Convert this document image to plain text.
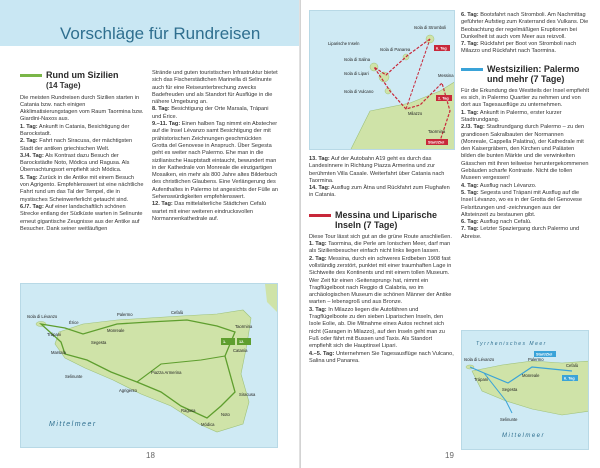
Vorschläge für Rundreisen
Rund um Sizilien
(14 Tage)

Die meisten Rundreisen durch Sizilien starten in Catania bzw. nach einigen Akklimatisierungstagen vom Raum Taormina bzw. Giardini-Naxos aus.

1. Tag: Ankunft in Catania, Besichtigung der Barockstadt.

2. Tag: Fahrt nach Siracusa, der mächtigsten Stadt der antiken griechischen Welt.

3./4. Tag: Als Kontrast dazu Besuch der Barockstädte Noto, Módica und Ragusa. Als Übernachtungsort empfiehlt sich Módica.

5. Tag: Zurück in die Antike mit einem Besuch von Agrigento. Empfehlenswert ist eine nächtliche Fahrt rund um das Tal der Tempel, die in mystisches Scheinwerferlicht getaucht sind.

6./7. Tag: Auf einer landschaftlich schönen Strecke entlang der Südküste warten in Selinunte erneut gigantische Zeugnisse aus der Antike auf Besucher. Dank seiner weitläufigen

Strände und guten touristischen Infrastruktur bietet sich das Fischerstädtchen Marinella di Selinunte auch für eine Reiseunterbrechung zwecks Badefreuden und als Standort für Ausflüge in die nähere Umgebung an.

8. Tag: Besichtigung der Orte Marsala, Trápani und Érice.

9.–11. Tag: Einen halben Tag nimmt ein Abstecher auf die Insel Lévanzo samt Besichtigung der mit prähistorischen Zeichnungen geschmückten Grotta del Genovese in Anspruch. Über Segesta geht es weiter nach Palermo. Ehe man in die sizilianische Hauptstadt eintaucht, bewundert man in der Kathedrale von Monreale die einzigartigen Mosaiken, ein mehr als 800 Jahre altes Bilderbuch des christlichen Glaubens. Eine Verlängerung des Aufenthaltes in Palermo ist angesichts der Fülle an Sehenswürdigkeiten empfehlenswert.

12. Tag: Das mittelalterliche Städtchen Cefalù wartet mit einer weiteren eindrucksvollen Normannenkathedrale auf.

Isola di Lévanzo
Érice
Trápani
Segesta
Marsala
Palermo
Monreale
Cefalù
Selinunte
Agrigento
Piazza Armerina
Taormina
Catania
Siracusa
Ragusa
Noto
Módica
1.	12.
Mittelmeer
18
Isola di Stromboli
Liparische Inseln
Isola di Panarea
Isola di Salina
Isola di Lipari
Isola di Vulcano
Milazzo
Messina
Taormina
6. Tag
2. Tag
Start/Ziel

13. Tag: Auf der Autobahn A19 geht es durch das Landesinnere in Richtung Piazza Armerina und zur berühmten Villa Casale. Weiterfahrt über Catania nach Taormina.

14. Tag: Ausflug zum Ätna und Rückfahrt zum Flughafen in Catania.

Messina und Liparische Inseln (7 Tage)

Diese Tour lässt sich gut an die grüne Route anschließen.

1. Tag: Taormina, die Perle am Ionischen Meer, darf man als Sizilienbesucher einfach nicht links liegen lassen.

2. Tag: Messina, durch ein schweres Erdbeben 1908 fast vollständig zerstört, punktet mit einer traumhaften Lage in Sichtweite des Kontinents und mit einem tollen Museum. Wer Zeit für einen ›Seitensprung‹ hat, nimmt ein Tragflügelboot nach Reggio di Calabria, wo im archäologischen Museum die schönen Männer der Antike warten – lebensgroß und aus Bronze.

3. Tag: In Milazzo liegen die Autofähren und Tragflügelboote zu den sieben Liparischen Inseln, den Isole Eolie, ab. Die Mitnahme eines Autos rechnet sich nicht (Garagen in Milazzo), auf den Inseln geht man zu Fuß oder fährt mit Bussen und Taxis. Als Standort empfiehlt sich die Hauptinsel Lipari.

4.–5. Tag: Unternehmen Sie Tagesausflüge nach Vulcano, Salina und Panarea.

6. Tag: Bootsfahrt nach Stromboli. Am Nachmittag geführter Aufstieg zum Kraterrand des Vulkans. Die Beobachtung der regelmäßigen Eruptionen bei Dunkelheit ist auch vom Meer aus reizvoll.

7. Tag: Rückfahrt per Boot von Stromboli nach Milazzo und Rückfahrt nach Taormina.

Westsizilien: Palermo und mehr (7 Tage)

Für die Erkundung des Westteils der Insel empfiehlt es sich, in Palermo Quartier zu nehmen und von dort aus Tagesausflüge zu unternehmen.

1. Tag: Ankunft in Palermo, erster kurzer Stadtrundgang.

2./3. Tag: Stadtrundgang durch Palermo – zu den grandiosen Sakralbauten der Normannen (Monreale, Cappella Palatina), der Kathedrale mit den Kaisergräbern, den Kirchen und Palästen bilden die bunten Märkte und die verwinkelten Gässchen mit ihren teilweise heruntergekommenen Gebäuden scharfe Kontraste. Nicht die tollen Museen vergessen!

4. Tag: Ausflug nach Lévanzo.

5. Tag: Segesta und Trápani mit Ausflug auf die Insel Lévanzo, wo es in der Grotta del Genovese Felsritzungen und -zeichnungen aus der Altsteinzeit zu bestaunen gibt.

6. Tag: Ausflug nach Cefalù.

7. Tag: Letzter Spaziergang durch Palermo und Abreise.

Tyrrhenisches Meer
Mittelmeer
Isola di Lévanzo
Trápani
Segesta
Palermo
Monreale
Cefalù
Selinunte
Start/Ziel
6. Tag
19
